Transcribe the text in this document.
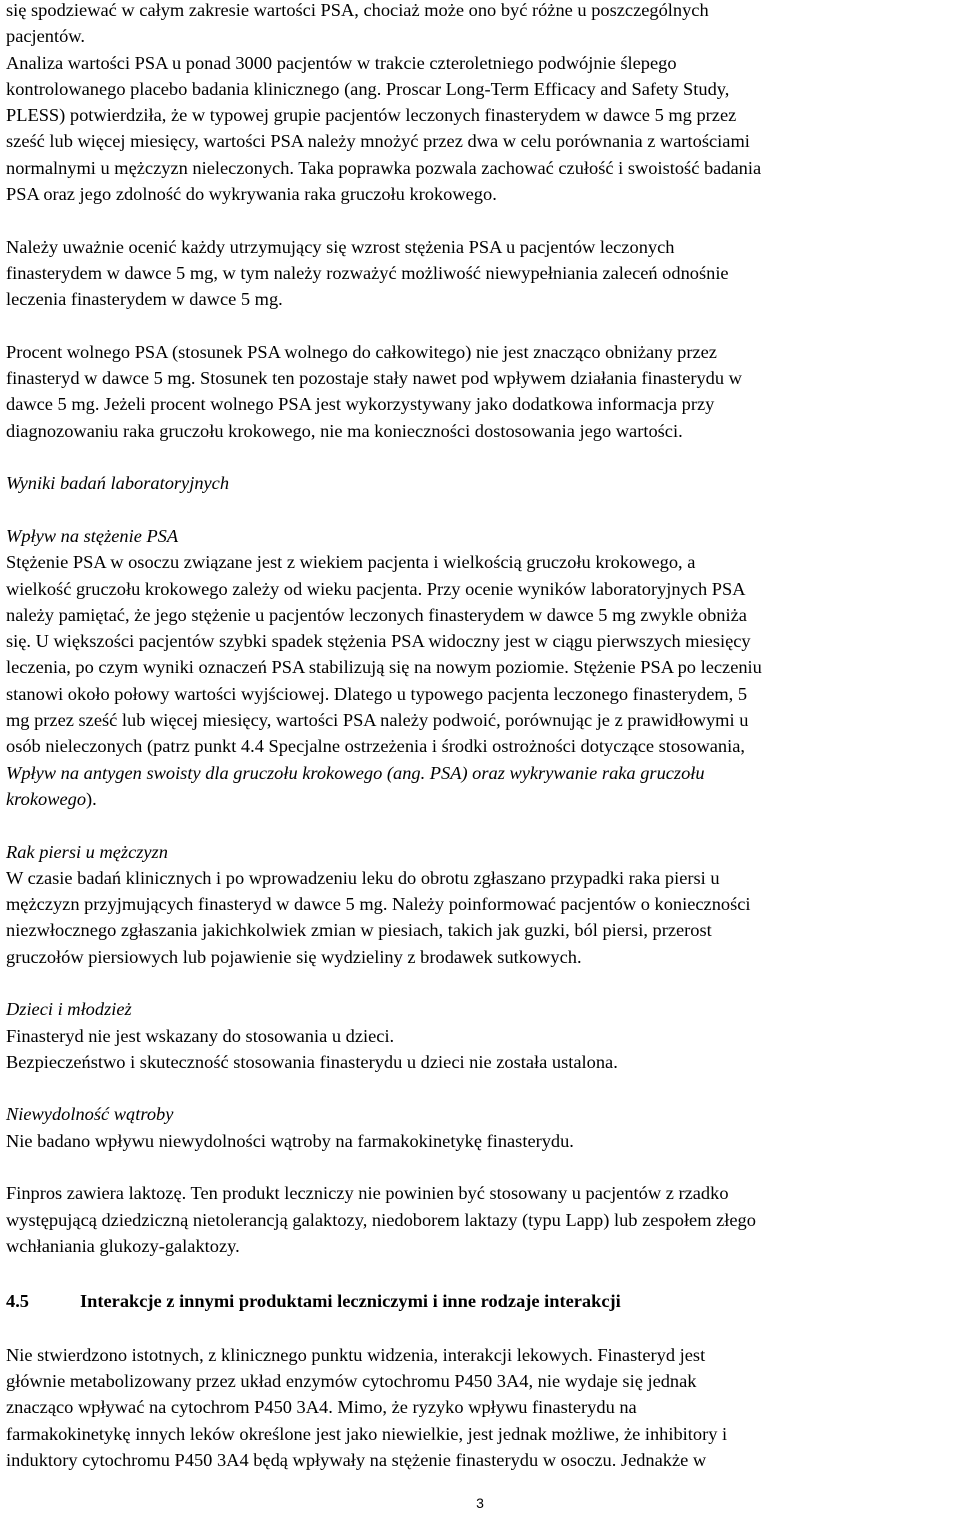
się spodziewać w całym zakresie wartości PSA, chociaż może ono być różne u poszczególnych
pacjentów.
Analiza wartości PSA u ponad 3000 pacjentów w trakcie czteroletniego podwójnie ślepego
kontrolowanego placebo badania klinicznego (ang. Proscar Long-Term Efficacy and Safety Study,
PLESS) potwierdziła, że w typowej grupie pacjentów leczonych finasterydem w dawce 5 mg przez
sześć lub więcej miesięcy, wartości PSA należy mnożyć przez dwa w celu porównania z wartościami
normalnymi u mężczyzn nieleczonych. Taka poprawka pozwala zachować czułość i swoistość badania
PSA oraz jego zdolność do wykrywania raka gruczołu krokowego.
Należy uważnie ocenić każdy utrzymujący się wzrost stężenia PSA u pacjentów leczonych
finasterydem w dawce 5 mg, w tym należy rozważyć możliwość niewypełniania zaleceń odnośnie
leczenia finasterydem w dawce 5 mg.
Procent wolnego PSA (stosunek PSA wolnego do całkowitego) nie jest znacząco obniżany przez
finasteryd w dawce 5 mg. Stosunek ten pozostaje stały nawet pod wpływem działania finasterydu w
dawce 5 mg. Jeżeli procent wolnego PSA jest wykorzystywany jako dodatkowa informacja przy
diagnozowaniu raka gruczołu krokowego, nie ma konieczności dostosowania jego wartości.
Wyniki badań laboratoryjnych
Wpływ na stężenie PSA
Stężenie PSA w osoczu związane jest z wiekiem pacjenta i wielkością gruczołu krokowego, a
wielkość gruczołu krokowego zależy od wieku pacjenta. Przy ocenie wyników laboratoryjnych PSA
należy pamiętać, że jego stężenie u pacjentów leczonych finasterydem w dawce 5 mg zwykle obniża
się. U większości pacjentów szybki spadek stężenia PSA widoczny jest w ciągu pierwszych miesięcy
leczenia, po czym wyniki oznaczeń PSA stabilizują się na nowym poziomie. Stężenie PSA po leczeniu
stanowi około połowy wartości wyjściowej. Dlatego u typowego pacjenta leczonego finasterydem, 5
mg przez sześć lub więcej miesięcy, wartości PSA należy podwoić, porównując je z prawidłowymi u
osób nieleczonych (patrz punkt 4.4 Specjalne ostrzeżenia i środki ostrożności dotyczące stosowania,
Wpływ na antygen swoisty dla gruczołu krokowego (ang. PSA) oraz wykrywanie raka gruczołu
krokowego).
Rak piersi u mężczyzn
W czasie badań klinicznych i po wprowadzeniu leku do obrotu zgłaszano przypadki raka piersi u
mężczyzn przyjmujących finasteryd w dawce 5 mg. Należy poinformować pacjentów o konieczności
niezwłocznego zgłaszania jakichkolwiek zmian w piesiach, takich jak guzki, ból piersi, przerost
gruczołów piersiowych lub pojawienie się wydzieliny z brodawek sutkowych.
Dzieci i młodzież
Finasteryd nie jest wskazany do stosowania u dzieci.
Bezpieczeństwo i skuteczność stosowania finasterydu u dzieci nie została ustalona.
Niewydolność wątroby
Nie badano wpływu niewydolności wątroby na farmakokinetykę finasterydu.
Finpros zawiera laktozę. Ten produkt leczniczy nie powinien być stosowany u pacjentów z rzadko
występującą dziedziczną nietolerancją galaktozy, niedoborem laktazy (typu Lapp) lub zespołem złego
wchłaniania glukozy-galaktozy.
4.5	Interakcje z innymi produktami leczniczymi i inne rodzaje interakcji
Nie stwierdzono istotnych, z klinicznego punktu widzenia, interakcji lekowych. Finasteryd jest
głównie metabolizowany przez układ enzymów cytochromu P450 3A4, nie wydaje się jednak
znacząco wpływać na cytochrom P450 3A4. Mimo, że ryzyko wpływu finasterydu na
farmakokinetykę innych leków określone jest jako niewielkie, jest jednak możliwe, że inhibitory i
induktory cytochromu P450 3A4 będą wpływały na stężenie finasterydu w osoczu. Jednakże w
3
